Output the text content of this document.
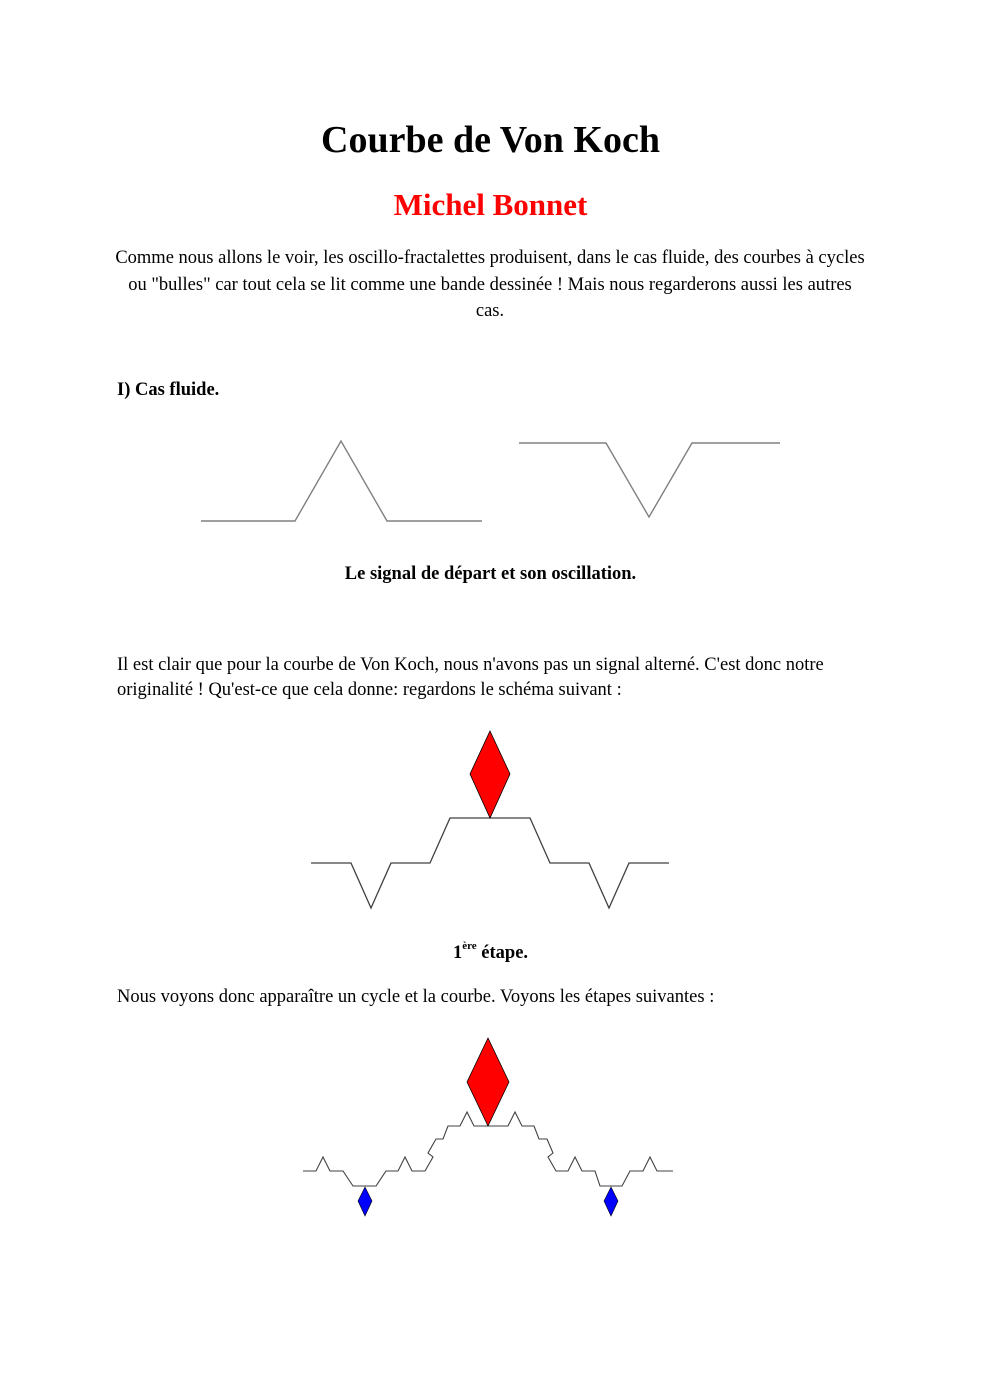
Courbe de Von Koch
Michel Bonnet
Comme nous allons le voir, les oscillo-fractalettes produisent, dans le cas fluide, des courbes à cycles ou "bulles" car tout cela se lit comme une bande dessinée ! Mais nous regarderons aussi les autres cas.
I) Cas fluide.
Le signal de départ et son oscillation.
Il est clair que pour la courbe de Von Koch, nous n'avons pas un signal alterné. C'est donc notre originalité ! Qu'est-ce que cela donne: regardons le schéma suivant :
1ère étape.
Nous voyons donc apparaître un cycle et la courbe. Voyons les étapes suivantes :
